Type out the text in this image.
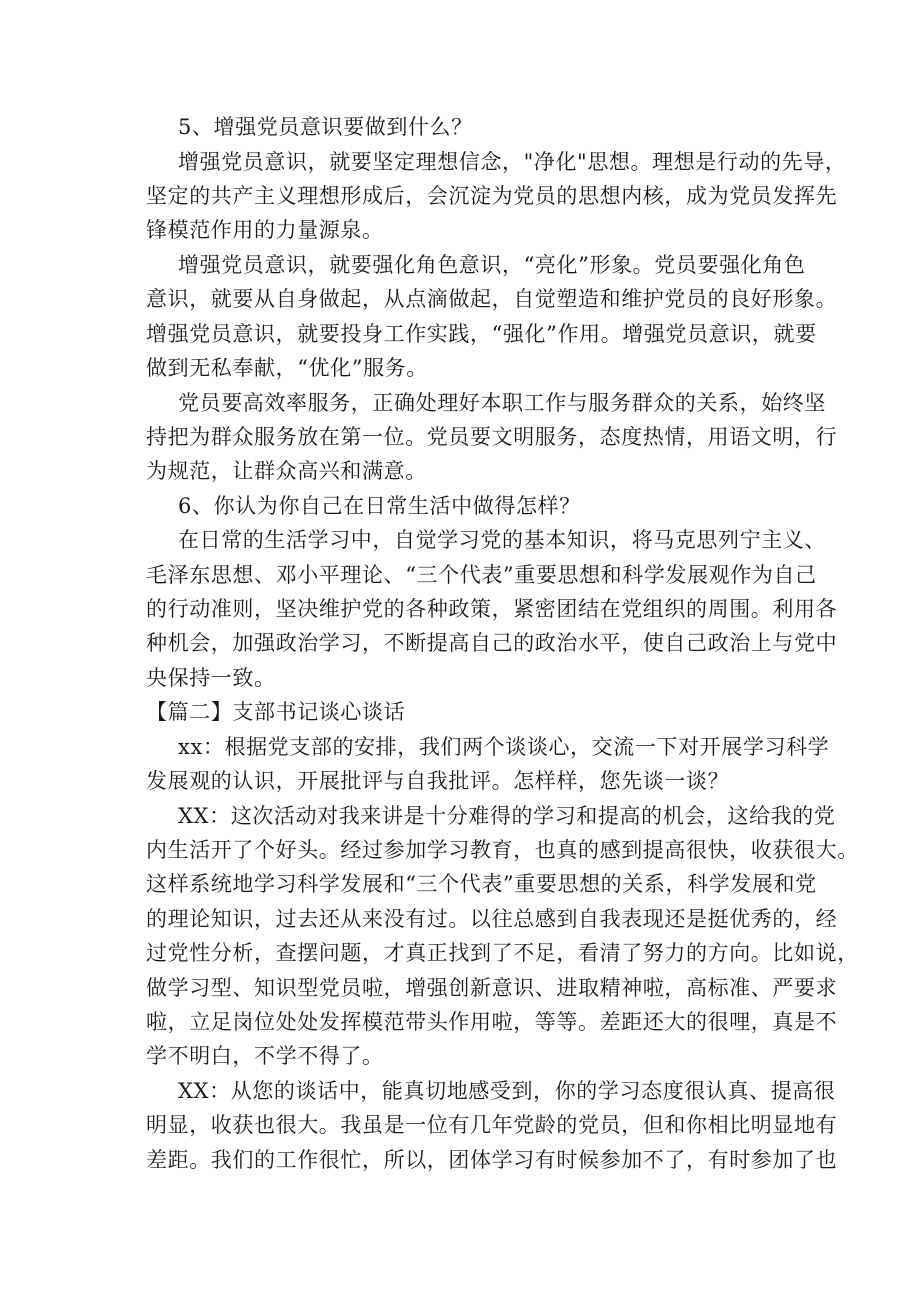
5、增强党员意识要做到什么？
增强党员意识，就要坚定理想信念，"净化"思想。理想是行动的先导，
坚定的共产主义理想形成后，会沉淀为党员的思想内核，成为党员发挥先
锋模范作用的力量源泉。
增强党员意识，就要强化角色意识，“亮化”形象。党员要强化角色
意识，就要从自身做起，从点滴做起，自觉塑造和维护党员的良好形象。
增强党员意识，就要投身工作实践，“强化”作用。增强党员意识，就要
做到无私奉献，“优化”服务。
党员要高效率服务，正确处理好本职工作与服务群众的关系，始终坚
持把为群众服务放在第一位。党员要文明服务，态度热情，用语文明，行
为规范，让群众高兴和满意。
6、你认为你自己在日常生活中做得怎样？
在日常的生活学习中，自觉学习党的基本知识，将马克思列宁主义、
毛泽东思想、邓小平理论、“三个代表”重要思想和科学发展观作为自己
的行动准则，坚决维护党的各种政策，紧密团结在党组织的周围。利用各
种机会，加强政治学习，不断提高自己的政治水平，使自己政治上与党中
央保持一致。
【篇二】支部书记谈心谈话
xx：根据党支部的安排，我们两个谈谈心，交流一下对开展学习科学
发展观的认识，开展批评与自我批评。怎样样，您先谈一谈？
XX：这次活动对我来讲是十分难得的学习和提高的机会，这给我的党
内生活开了个好头。经过参加学习教育，也真的感到提高很快，收获很大。
这样系统地学习科学发展和“三个代表”重要思想的关系，科学发展和党
的理论知识，过去还从来没有过。以往总感到自我表现还是挺优秀的，经
过党性分析，查摆问题，才真正找到了不足，看清了努力的方向。比如说，
做学习型、知识型党员啦，增强创新意识、进取精神啦，高标准、严要求
啦，立足岗位处处发挥模范带头作用啦，等等。差距还大的很哩，真是不
学不明白，不学不得了。
XX：从您的谈话中，能真切地感受到，你的学习态度很认真、提高很
明显，收获也很大。我虽是一位有几年党龄的党员，但和你相比明显地有
差距。我们的工作很忙，所以，团体学习有时候参加不了，有时参加了也
